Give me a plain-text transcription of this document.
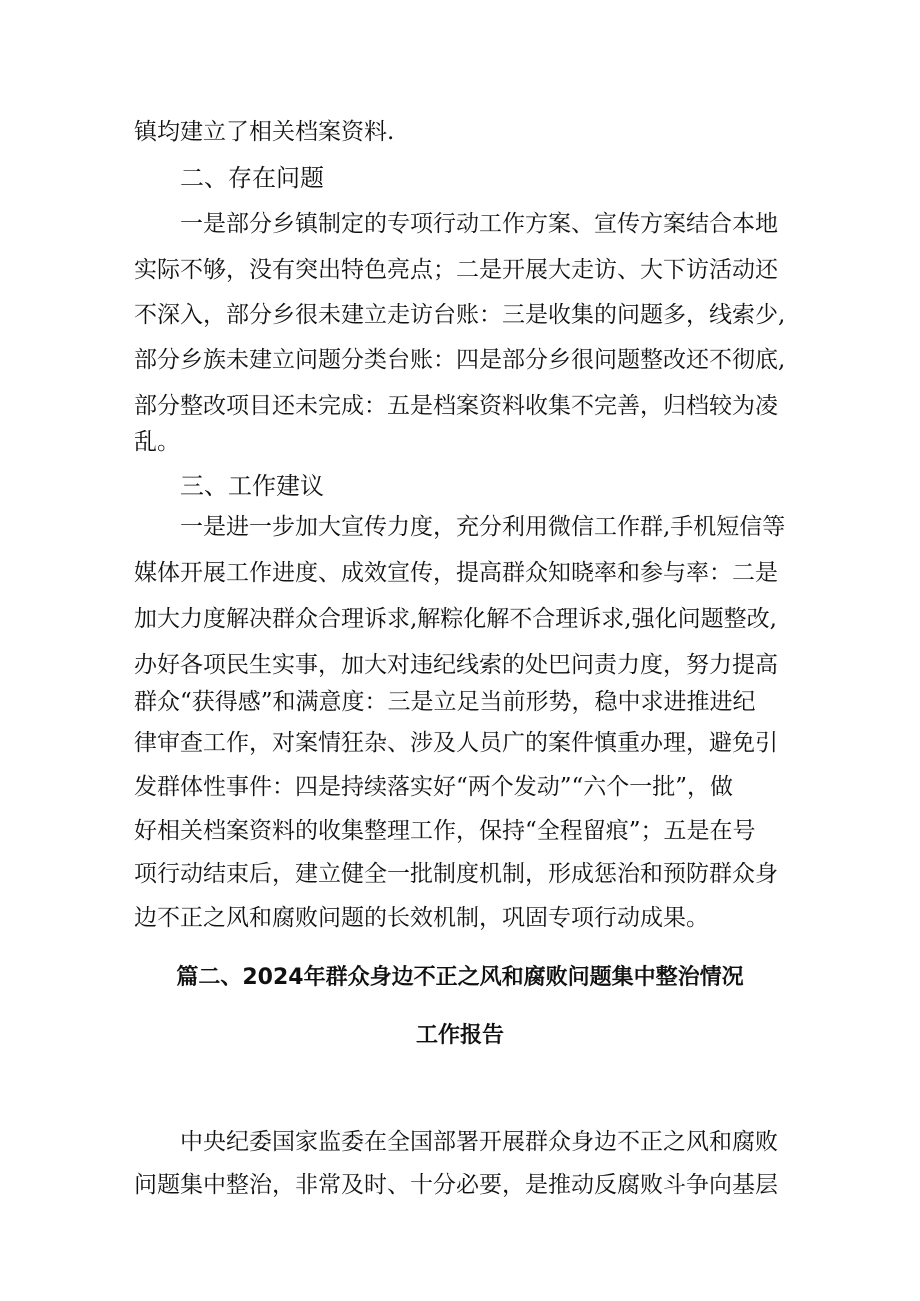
镇均建立了相关档案资料.
二、存在问题
一是部分乡镇制定的专项行动工作方案、宣传方案结合本地
实际不够，没有突出特色亮点；二是开展大走访、大下访活动还
不深入，部分乡很未建立走访台账：三是收集的问题多，线索少,
部分乡族未建立问题分类台账：四是部分乡很问题整改还不彻底,
部分整改项目还未完成：五是档案资料收集不完善，归档较为凌
乱。
三、工作建议
一是进一步加大宣传力度，充分利用微信工作群,手机短信等
媒体开展工作进度、成效宣传，提高群众知晓率和参与率：二是
加大力度解决群众合理诉求,解粽化解不合理诉求,强化问题整改,
办好各项民生实事，加大对违纪线索的处巴问责力度，努力提高
群众“获得感”和满意度：三是立足当前形势，稳中求进推进纪
律审查工作，对案情狂杂、涉及人员广的案件慎重办理，避免引
发群体性事件：四是持续落实好“两个发动”“六个一批”，做
好相关档案资料的收集整理工作，保持“全程留痕”；五是在号
项行动结束后，建立健全一批制度机制，形成惩治和预防群众身
边不正之风和腐败问题的长效机制，巩固专项行动成果。
篇二、2024年群众身边不正之风和腐败问题集中整治情况
工作报告
中央纪委国家监委在全国部署开展群众身边不正之风和腐败
问题集中整治，非常及时、十分必要，是推动反腐败斗争向基层
